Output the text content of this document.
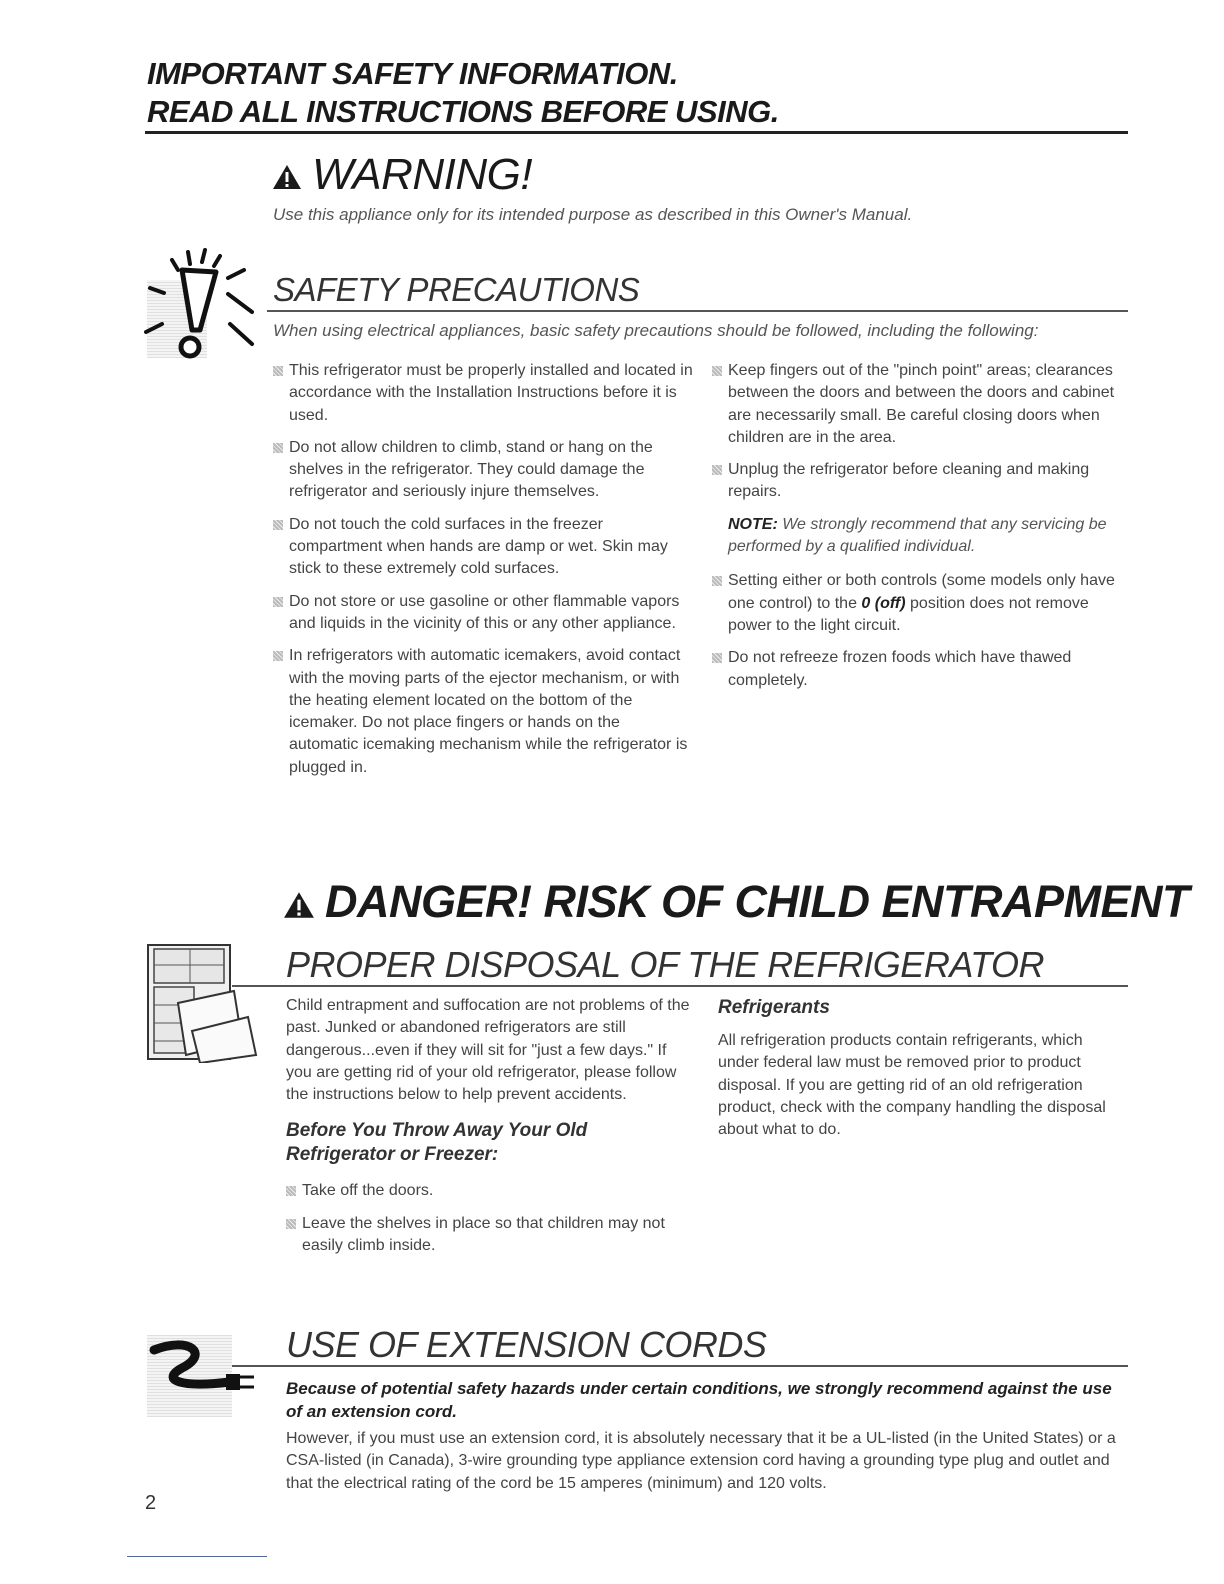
IMPORTANT SAFETY INFORMATION.
READ ALL INSTRUCTIONS BEFORE USING.
WARNING!
Use this appliance only for its intended purpose as described in this Owner's Manual.
SAFETY PRECAUTIONS
When using electrical appliances, basic safety precautions should be followed, including the following:
This refrigerator must be properly installed and located in accordance with the Installation Instructions before it is used.
Do not allow children to climb, stand or hang on the shelves in the refrigerator. They could damage the refrigerator and seriously injure themselves.
Do not touch the cold surfaces in the freezer compartment when hands are damp or wet. Skin may stick to these extremely cold surfaces.
Do not store or use gasoline or other flammable vapors and liquids in the vicinity of this or any other appliance.
In refrigerators with automatic icemakers, avoid contact with the moving parts of the ejector mechanism, or with the heating element located on the bottom of the icemaker. Do not place fingers or hands on the automatic icemaking mechanism while the refrigerator is plugged in.
Keep fingers out of the "pinch point" areas; clearances between the doors and between the doors and cabinet are necessarily small. Be careful closing doors when children are in the area.
Unplug the refrigerator before cleaning and making repairs.

NOTE: We strongly recommend that any servicing be performed by a qualified individual.

Setting either or both controls (some models only have one control) to the 0 (off) position does not remove power to the light circuit.
Do not refreeze frozen foods which have thawed completely.
DANGER! RISK OF CHILD ENTRAPMENT
PROPER DISPOSAL OF THE REFRIGERATOR

Child entrapment and suffocation are not problems of the past. Junked or abandoned refrigerators are still dangerous...even if they will sit for "just a few days." If you are getting rid of your old refrigerator, please follow the instructions below to help prevent accidents.

Before You Throw Away Your Old Refrigerator or Freezer:
Take off the doors.
Leave the shelves in place so that children may not easily climb inside.
Refrigerants

All refrigeration products contain refrigerants, which under federal law must be removed prior to product disposal. If you are getting rid of an old refrigeration product, check with the company handling the disposal about what to do.

USE OF EXTENSION CORDS
Because of potential safety hazards under certain conditions, we strongly recommend against the use of an extension cord.

However, if you must use an extension cord, it is absolutely necessary that it be a UL-listed (in the United States) or a CSA-listed (in Canada), 3-wire grounding type appliance extension cord having a grounding type plug and outlet and that the electrical rating of the cord be 15 amperes (minimum) and 120 volts.

2
